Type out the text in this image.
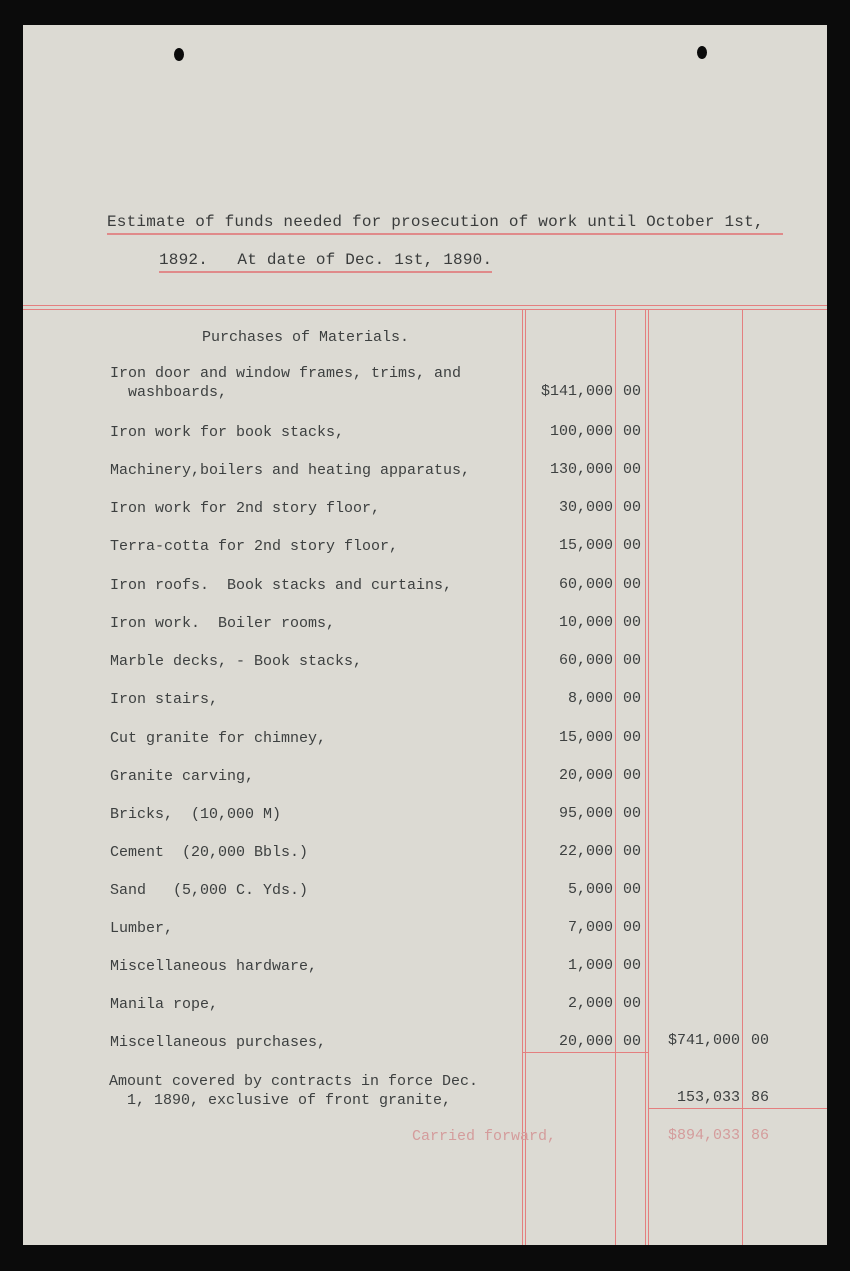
Estimate of funds needed for prosecution of work until October 1st,
1892.   At date of Dec. 1st, 1890.
Purchases of Materials.
Iron door and window frames, trims, and
washboards,	$141,000 00
Iron work for book stacks,	100,000 00
Machinery,boilers and heating apparatus,	130,000 00
Iron work for 2nd story floor,	30,000 00
Terra-cotta for 2nd story floor,	15,000 00
Iron roofs.  Book stacks and curtains,	60,000 00
Iron work.  Boiler rooms,	10,000 00
Marble decks, - Book stacks,	60,000 00
Iron stairs,	8,000 00
Cut granite for chimney,	15,000 00
Granite carving,	20,000 00
Bricks,  (10,000 M)	95,000 00
Cement  (20,000 Bbls.)	22,000 00
Sand   (5,000 C. Yds.)	5,000 00
Lumber,	7,000 00
Miscellaneous hardware,	1,000 00
Manila rope,	2,000 00
Miscellaneous purchases,	20,000 00	$741,000 00
Amount covered by contracts in force Dec.
1, 1890, exclusive of front granite,	153,033 86
Carried forward,	$894,033 86
